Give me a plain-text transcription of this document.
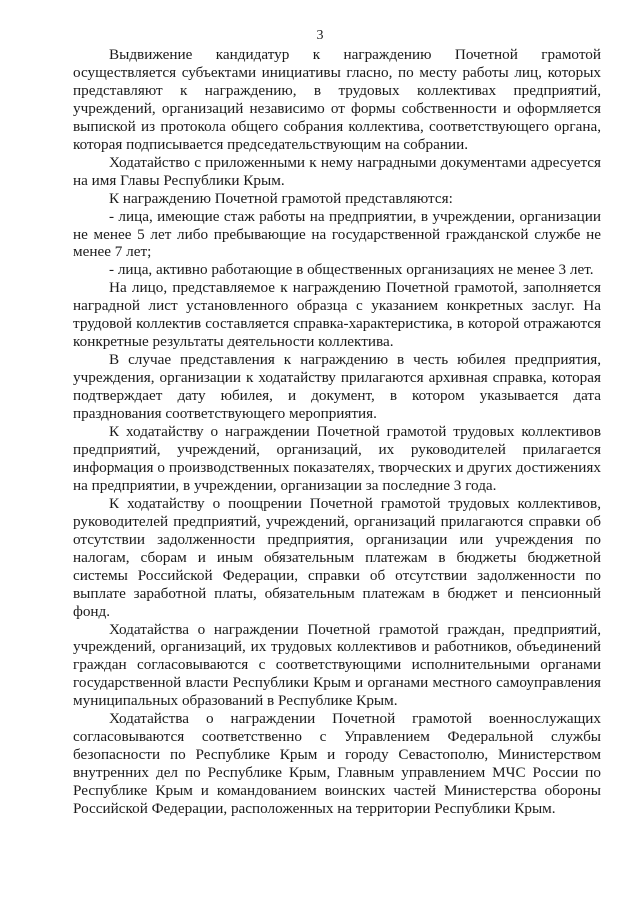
3

Выдвижение кандидатур к награждению Почетной грамотой осуществляется субъектами инициативы гласно, по месту работы лиц, которых представляют к награждению, в трудовых коллективах предприятий, учреждений, организаций независимо от формы собственности и оформляется выпиской из протокола общего собрания коллектива, соответствующего органа, которая подписывается председательствующим на собрании.

Ходатайство с приложенными к нему наградными документами адресуется на имя Главы Республики Крым.

К награждению Почетной грамотой представляются:

- лица, имеющие стаж работы на предприятии, в учреждении, организации не менее 5 лет либо пребывающие на государственной гражданской службе не менее 7 лет;

- лица, активно работающие в общественных организациях не менее 3 лет.

На лицо, представляемое к награждению Почетной грамотой, заполняется наградной лист установленного образца с указанием конкретных заслуг. На трудовой коллектив составляется справка-характеристика, в которой отражаются конкретные результаты деятельности коллектива.

В случае представления к награждению в честь юбилея предприятия, учреждения, организации к ходатайству прилагаются архивная справка, которая подтверждает дату юбилея, и документ, в котором указывается дата празднования соответствующего мероприятия.

К ходатайству о награждении Почетной грамотой трудовых коллективов предприятий, учреждений, организаций, их руководителей прилагается информация о производственных показателях, творческих и других достижениях на предприятии, в учреждении, организации за последние 3 года.

К ходатайству о поощрении Почетной грамотой трудовых коллективов, руководителей предприятий, учреждений, организаций прилагаются справки об отсутствии задолженности предприятия, организации или учреждения по налогам, сборам и иным обязательным платежам в бюджеты бюджетной системы Российской Федерации, справки об отсутствии задолженности по выплате заработной платы, обязательным платежам в бюджет и пенсионный фонд.

Ходатайства о награждении Почетной грамотой граждан, предприятий, учреждений, организаций, их трудовых коллективов и работников, объединений граждан согласовываются с соответствующими исполнительными органами государственной власти Республики Крым и органами местного самоуправления муниципальных образований в Республике Крым.

Ходатайства о награждении Почетной грамотой военнослужащих согласовываются соответственно с Управлением Федеральной службы безопасности по Республике Крым и городу Севастополю, Министерством внутренних дел по Республике Крым, Главным управлением МЧС России по Республике Крым и командованием воинских частей Министерства обороны Российской Федерации, расположенных на территории Республики Крым.
